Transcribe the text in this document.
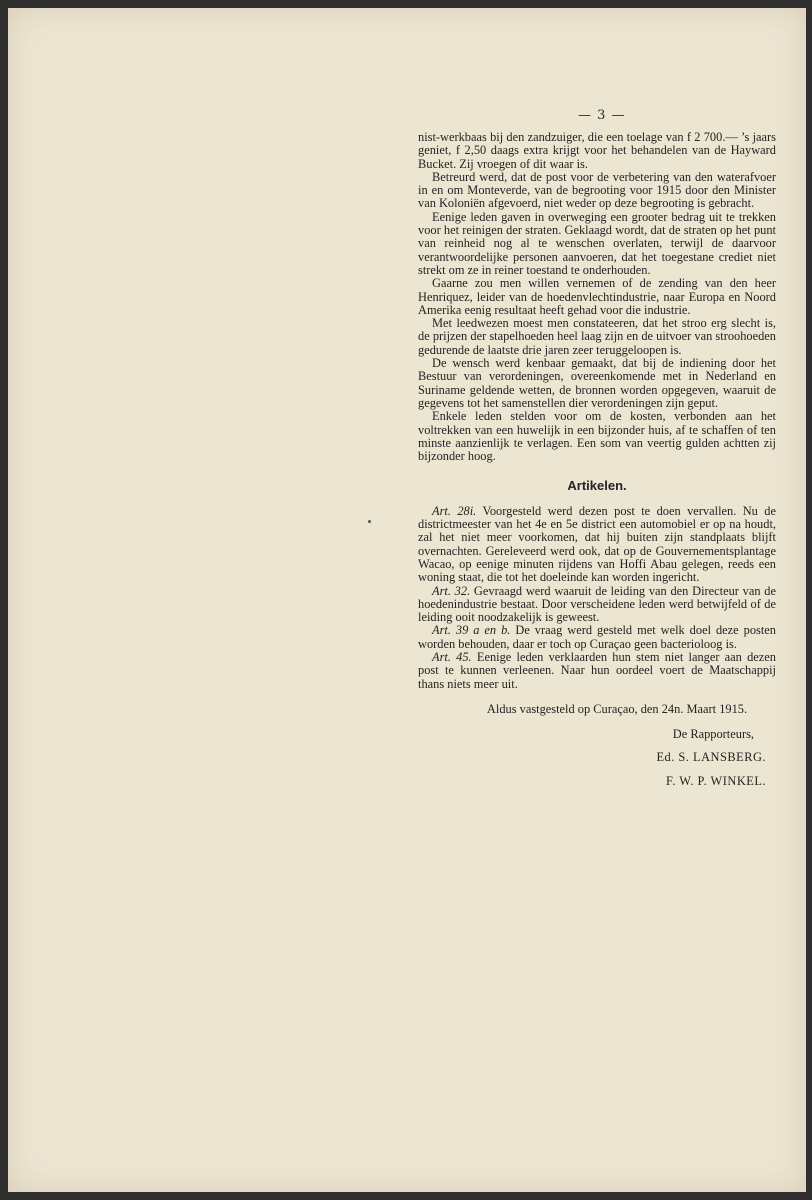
— 3 —

nist-werkbaas bij den zandzuiger, die een toelage van f 2 700.— ’s jaars geniet, f 2,50 daags extra krijgt voor het behandelen van de Hayward Bucket. Zij vroegen of dit waar is.

Betreurd werd, dat de post voor de verbetering van den waterafvoer in en om Monteverde, van de begrooting voor 1915 door den Minister van Koloniën afgevoerd, niet weder op deze begrooting is gebracht.

Eenige leden gaven in overweging een grooter bedrag uit te trekken voor het reinigen der straten. Geklaagd wordt, dat de straten op het punt van reinheid nog al te wenschen overlaten, terwijl de daarvoor verantwoordelijke personen aanvoeren, dat het toegestane crediet niet strekt om ze in reiner toestand te onderhouden.

Gaarne zou men willen vernemen of de zending van den heer Henriquez, leider van de hoedenvlechtindustrie, naar Europa en Noord Amerika eenig resultaat heeft gehad voor die industrie.

Met leedwezen moest men constateeren, dat het stroo erg slecht is, de prijzen der stapelhoeden heel laag zijn en de uitvoer van stroohoeden gedurende de laatste drie jaren zeer teruggeloopen is.

De wensch werd kenbaar gemaakt, dat bij de indiening door het Bestuur van verordeningen, overeenkomende met in Nederland en Suriname geldende wetten, de bronnen worden opgegeven, waaruit de gegevens tot het samenstellen dier verordeningen zijn geput.

Enkele leden stelden voor om de kosten, verbonden aan het voltrekken van een huwelijk in een bijzonder huis, af te schaffen of ten minste aanzienlijk te verlagen. Een som van veertig gulden achtten zij bijzonder hoog.

Artikelen.

Art. 28i. Voorgesteld werd dezen post te doen vervallen. Nu de districtmeester van het 4e en 5e district een automobiel er op na houdt, zal het niet meer voorkomen, dat hij buiten zijn standplaats blijft overnachten. Gereleveerd werd ook, dat op de Gouvernementsplantage Wacao, op eenige minuten rijdens van Hoffi Abau gelegen, reeds een woning staat, die tot het doeleinde kan worden ingericht.

Art. 32. Gevraagd werd waaruit de leiding van den Directeur van de hoedenindustrie bestaat. Door verscheidene leden werd betwijfeld of de leiding ooit noodzakelijk is geweest.

Art. 39 a en b. De vraag werd gesteld met welk doel deze posten worden behouden, daar er toch op Curaçao geen bacterioloog is.

Art. 45. Eenige leden verklaarden hun stem niet langer aan dezen post te kunnen verleenen. Naar hun oordeel voert de Maatschappij thans niets meer uit.

Aldus vastgesteld op Curaçao, den 24n. Maart 1915.
De Rapporteurs,
Ed. S. LANSBERG.
F. W. P. WINKEL.
